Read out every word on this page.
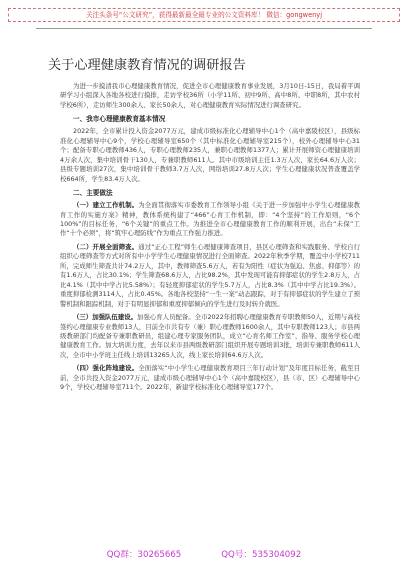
关注头条号“公文研究”，获得最新最全最专业的公文资料库！ 微信：gongwenyj
关于心理健康教育情况的调研报告

为进一步摸清我市心理健康教育情况，促进全市心理健康教育事业发展，3月10日-15日，我局着平调研学习小组深入各地各校进行摸排，走访学校36所（小学11所、初中9所、高中8所、中职8所，其中农村学校6所），走访师生300余人、家长50余人，对心理健康教育实际情况进行调查研究。

一、我市心理健康教育基本情况

2022年，全市累计投入资金2077万元，建成市级标准化心理辅导中心1个（高中嘉陵校区），县级标准化心理辅导中心9个，学校心理辅导室650个（其中标准化心理辅导室215个），校外心理辅导中心31个；配备专职心理教师436人，专职心理教师235人，兼职心理教师1377人；累计开展师资心理健康培训4万余人次，集中培训骨干130人，专兼职教师611人。其中市级培训主任1.3万人次，家长64.6万人次；县级专题培训27次，集中培训骨干教师3.7万人次，网络培训27.8万人次；学生心理健康状况普查覆盖学校664所，学生83.4万人次。

二、主要做法

（一）建立工作机制。为全面贯彻落实市委教育工作领导小组《关于进一步加强中小学生心理健康教育工作的实施方案》精神，教体系统构建了“466”心育工作机制，即：“4个坚持”的工作原则，“6个100%”的目标任务，“6个关键”的重点工作。为推进全市心理健康教育工作的顺利开展，出台“未保”工作“十个必须”，将“筑牢心理防线”作为重点工作强力推进。

（二）开展全面筛查。通过“正心工程”师生心理健康筛查项目，县区心理筛查和实践服务、学校自行组织心理筛查等方式对所有中小学学生心理健康情况进行全面筛查。2022年秋季学期，覆盖中小学校711所，完成师生筛查共计74.2万人，其中，教师筛查5.6万人，若有为阳性（症状为强迫、焦虑、抑郁等）的有1.6万人，占比30.1%；学生筛查68.6万人，占比98.2%，其中发现可能有抑郁症状的学生2.8万人，占比4.1%（其中中学占比5.58%）；有轻度抑郁症状的学生5.7万人，占比8.3%（其中中学占比19.3%）。重度抑郁检测3114人，占比0.45%。各地各校坚持“一生一案”动态跟踪，对于有抑郁症状的学生建立了预警机制和跟踪机制，对于有明显抑郁和重度抑郁倾向的学生进行及时转介就医。

（三）加强队伍建设。加强心育人员配备。全市2022年招聘心理健康教育专职教师50人，近期与高校签约心理健康专业教师13人，目前全市共有专（兼）职心理教师1600余人，其中专职教师123人；市县两级教研部门均配备专兼职教研员，组建心理专家服务团队，成立“心育名师工作室”，指导、服务学校心理健康教育工作。加大培训力度，去年以来市县两级教研部门组织开展专题培训3批，培训专兼职教师611人次，全市中小学班主任线上培训13265人次，线上家长培训64.6万人次。

（四）强化阵地建设。全面落实“中小学生心理健康教育项目三年行动计划”及年度目标任务，截至目前，全市共投入资金2077万元，建成市级心理辅导中心1个（高中嘉陵校区），县（市、区）心理辅导中心9个，学校心理辅导室711个。2022年，新建学校标准化心理辅导室177个。

QQ群：30265665	QQ号：535304092
